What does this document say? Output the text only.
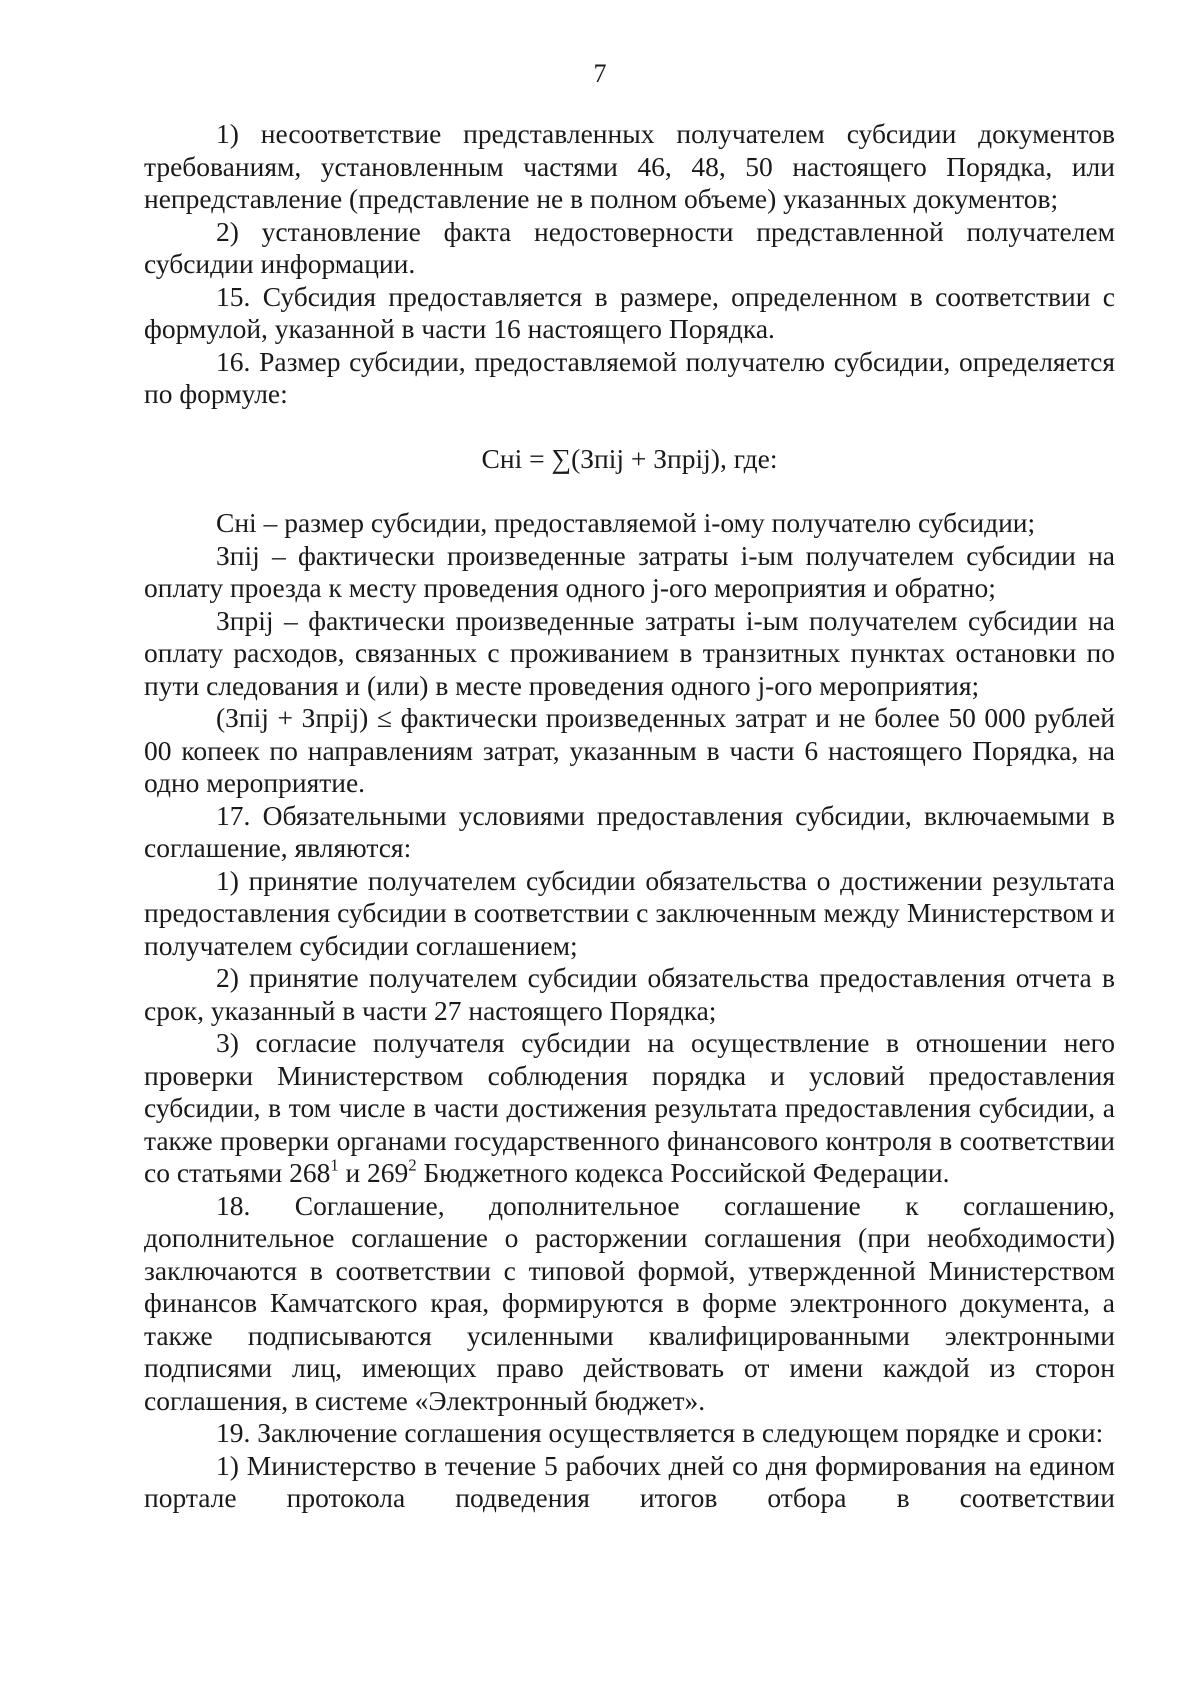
7

1) несоответствие представленных получателем субсидии документов требованиям, установленным частями 46, 48, 50 настоящего Порядка, или непредставление (представление не в полном объеме) указанных документов;

2) установление факта недостоверности представленной получателем субсидии информации.

15. Субсидия предоставляется в размере, определенном в соответствии с формулой, указанной в части 16 настоящего Порядка.

16. Размер субсидии, предоставляемой получателю субсидии, определяется по формуле:

Снi = ∑(Зпij + Зпрij), где:

Снi – размер субсидии, предоставляемой i-ому получателю субсидии;

Зпij – фактически произведенные затраты i-ым получателем субсидии на оплату проезда к месту проведения одного j-ого мероприятия и обратно;

Зпрij – фактически произведенные затраты i-ым получателем субсидии на оплату расходов, связанных с проживанием в транзитных пунктах остановки по пути следования и (или) в месте проведения одного j-ого мероприятия;

(Зпij + Зпрij) ≤ фактически произведенных затрат и не более 50 000 рублей 00 копеек по направлениям затрат, указанным в части 6 настоящего Порядка, на одно мероприятие.

17. Обязательными условиями предоставления субсидии, включаемыми в соглашение, являются:

1) принятие получателем субсидии обязательства о достижении результата предоставления субсидии в соответствии с заключенным между Министерством и получателем субсидии соглашением;

2) принятие получателем субсидии обязательства предоставления отчета в срок, указанный в части 27 настоящего Порядка;

3) согласие получателя субсидии на осуществление в отношении него проверки Министерством соблюдения порядка и условий предоставления субсидии, в том числе в части достижения результата предоставления субсидии, а также проверки органами государственного финансового контроля в соответствии со статьями $268^1$ и $269^2$ Бюджетного кодекса Российской Федерации.

18. Соглашение, дополнительное соглашение к соглашению, дополнительное соглашение о расторжении соглашения (при необходимости) заключаются в соответствии с типовой формой, утвержденной Министерством финансов Камчатского края, формируются в форме электронного документа, а также подписываются усиленными квалифицированными электронными подписями лиц, имеющих право действовать от имени каждой из сторон соглашения, в системе «Электронный бюджет».

19. Заключение соглашения осуществляется в следующем порядке и сроки:

1) Министерство в течение 5 рабочих дней со дня формирования на едином портале протокола подведения итогов отбора в соответствии
